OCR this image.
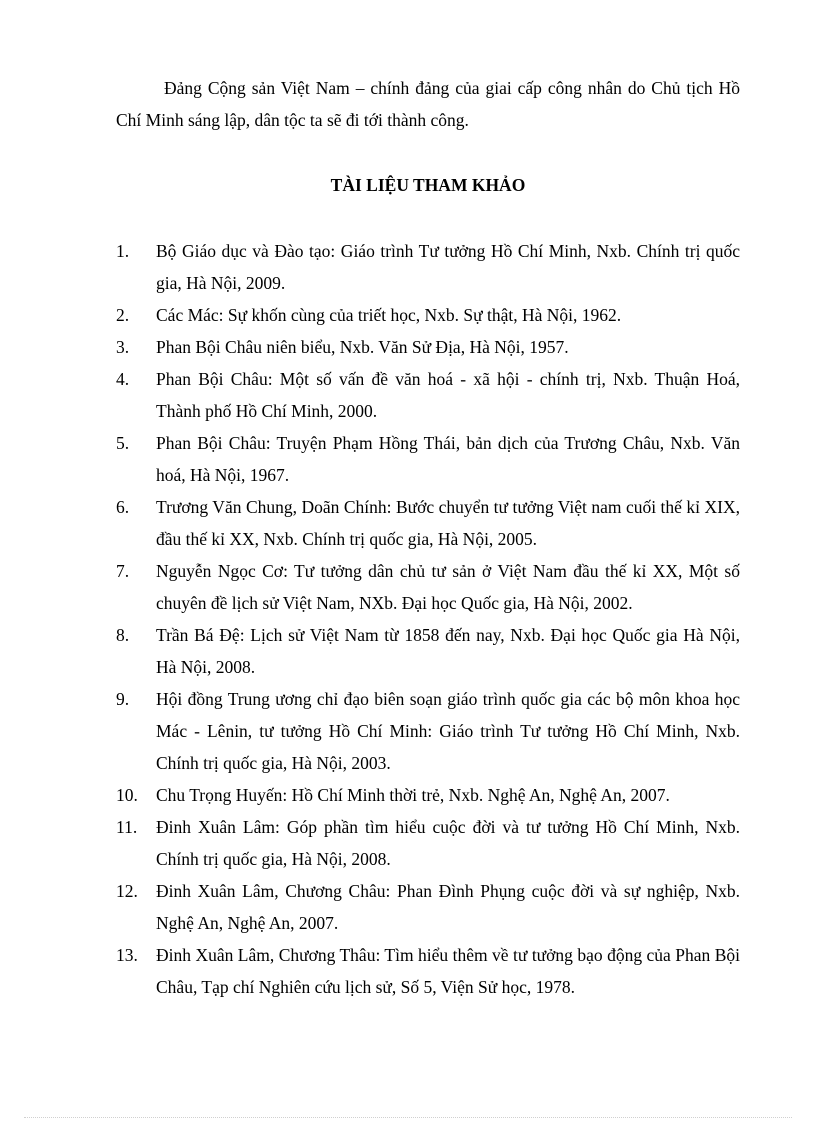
Đảng Cộng sản Việt Nam – chính đảng của giai cấp công nhân do Chủ tịch Hồ Chí Minh sáng lập, dân tộc ta sẽ đi tới thành công.

TÀI LIỆU THAM KHẢO
1.	Bộ Giáo dục và Đào tạo: Giáo trình Tư tưởng Hồ Chí Minh, Nxb. Chính trị quốc gia, Hà Nội, 2009.
2.	Các Mác: Sự khốn cùng của triết học, Nxb. Sự thật, Hà Nội, 1962.
3.	Phan Bội Châu niên biểu, Nxb. Văn Sử Địa, Hà Nội, 1957.
4.	Phan Bội Châu: Một số vấn đề văn hoá - xã hội - chính trị, Nxb. Thuận Hoá, Thành phố Hồ Chí Minh, 2000.
5.	Phan Bội Châu: Truyện Phạm Hồng Thái, bản dịch của Trương Châu, Nxb. Văn hoá, Hà Nội, 1967.
6.	Trương Văn Chung, Doãn Chính: Bước chuyển tư tưởng Việt nam cuối thế kỉ XIX, đầu thế kỉ XX, Nxb. Chính trị quốc gia, Hà Nội, 2005.
7.	Nguyễn Ngọc Cơ: Tư tưởng dân chủ tư sản ở Việt Nam đầu thế kỉ XX, Một số chuyên đề lịch sử Việt Nam, NXb. Đại học Quốc gia, Hà Nội, 2002.
8.	Trần Bá Đệ: Lịch sử Việt Nam từ 1858 đến nay, Nxb. Đại học Quốc gia Hà Nội, Hà Nội, 2008.
9.	Hội đồng Trung ương chỉ đạo biên soạn giáo trình quốc gia các bộ môn khoa học Mác - Lênin, tư tưởng Hồ Chí Minh: Giáo trình Tư tưởng Hồ Chí Minh, Nxb. Chính trị quốc gia, Hà Nội, 2003.
10.	Chu Trọng Huyến: Hồ Chí Minh thời trẻ, Nxb. Nghệ An, Nghệ An, 2007.
11.	Đinh Xuân Lâm: Góp phần tìm hiểu cuộc đời và tư tưởng Hồ Chí Minh, Nxb. Chính trị quốc gia, Hà Nội, 2008.
12.	Đinh Xuân Lâm, Chương Châu: Phan Đình Phụng cuộc đời và sự nghiệp, Nxb. Nghệ An, Nghệ An, 2007.
13.	Đinh Xuân Lâm, Chương Thâu: Tìm hiểu thêm về tư tưởng bạo động của Phan Bội Châu, Tạp chí Nghiên cứu lịch sử, Số 5, Viện Sử học, 1978.
